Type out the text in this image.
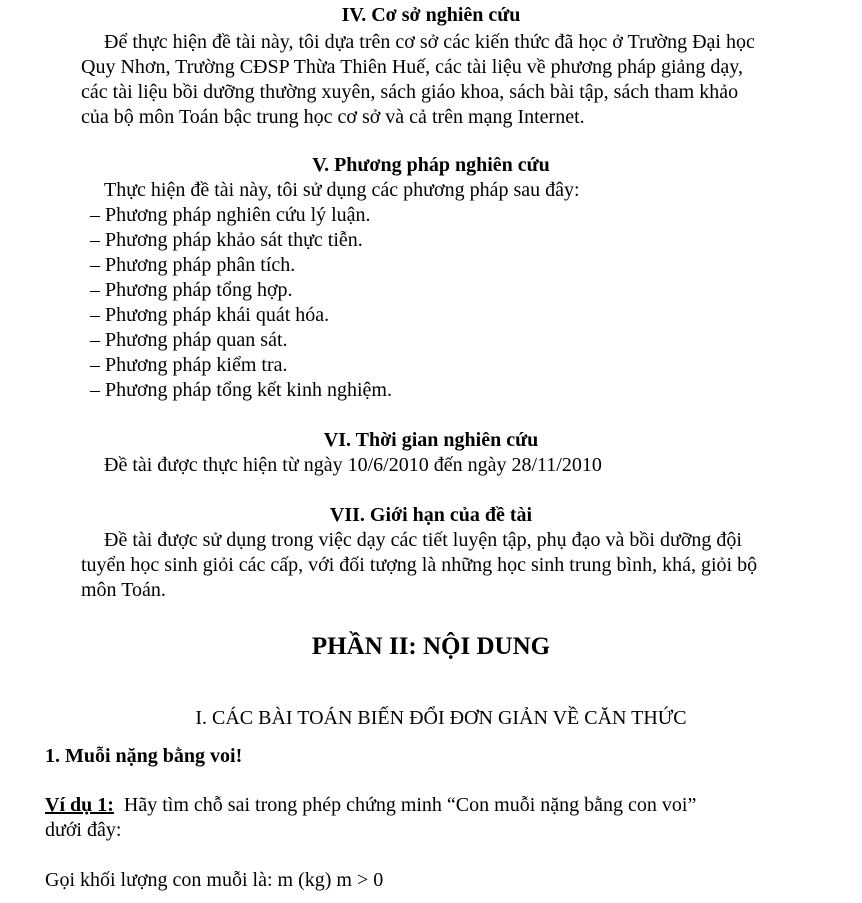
IV. Cơ sở nghiên cứu
Để thực hiện đề tài này, tôi dựa trên cơ sở các kiến thức đã học ở Trường Đại học
Quy Nhơn, Trường CĐSP Thừa Thiên Huế, các tài liệu về phương pháp giảng dạy,
các tài liệu bồi dưỡng thường xuyên, sách giáo khoa, sách bài tập, sách tham khảo
của bộ môn Toán bậc trung học cơ sở và cả trên mạng Internet.
V. Phương pháp nghiên cứu
Thực hiện đề tài này, tôi sử dụng các phương pháp sau đây:
– Phương pháp nghiên cứu lý luận.
– Phương pháp khảo sát thực tiễn.
– Phương pháp phân tích.
– Phương pháp tổng hợp.
– Phương pháp khái quát hóa.
– Phương pháp quan sát.
– Phương pháp kiểm tra.
– Phương pháp tổng kết kinh nghiệm.
VI. Thời gian nghiên cứu
Đề tài được thực hiện từ ngày 10/6/2010 đến ngày 28/11/2010
VII. Giới hạn của đề tài
Đề tài được sử dụng trong việc dạy các tiết luyện tập, phụ đạo và bồi dưỡng đội
tuyển học sinh giỏi các cấp, với đối tượng là những học sinh trung bình, khá, giỏi bộ
môn Toán.
PHẦN II: NỘI DUNG
I. CÁC BÀI TOÁN BIẾN ĐỔI ĐƠN GIẢN VỀ CĂN THỨC
1. Muỗi nặng bằng voi!
Ví dụ 1: Hãy tìm chỗ sai trong phép chứng minh “Con muỗi nặng bằng con voi”
dưới đây:
Gọi khối lượng con muỗi là: m (kg) m > 0
